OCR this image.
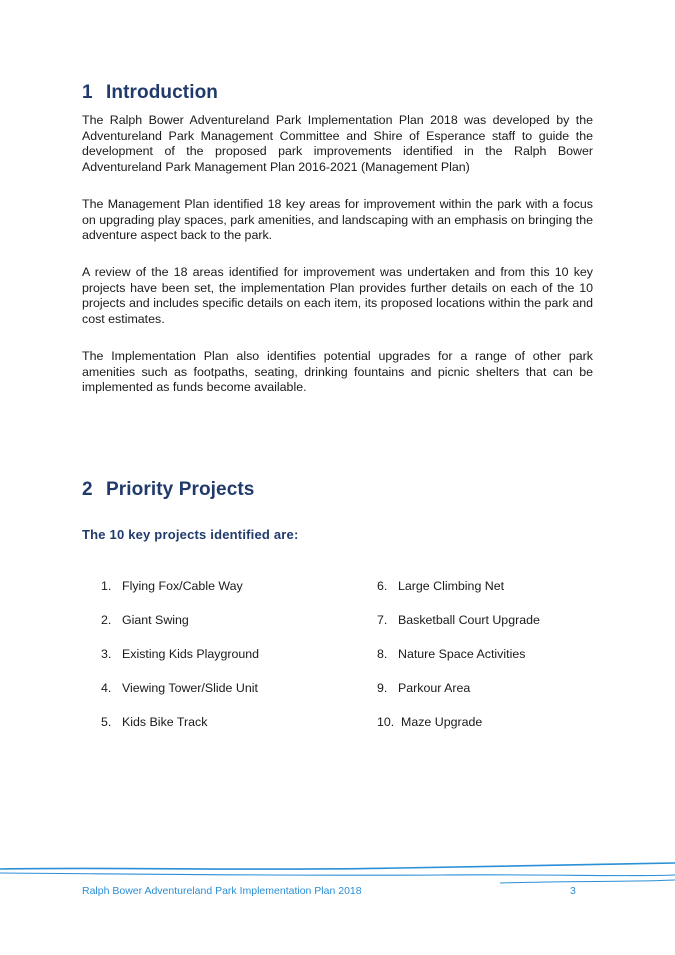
1 Introduction

The Ralph Bower Adventureland Park Implementation Plan 2018 was developed by the Adventureland Park Management Committee and Shire of Esperance staff to guide the development of the proposed park improvements identified in the Ralph Bower Adventureland Park Management Plan 2016-2021 (Management Plan)

The Management Plan identified 18 key areas for improvement within the park with a focus on upgrading play spaces, park amenities, and landscaping with an emphasis on bringing the adventure aspect back to the park.

A review of the 18 areas identified for improvement was undertaken and from this 10 key projects have been set, the implementation Plan provides further details on each of the 10 projects and includes specific details on each item, its proposed locations within the park and cost estimates.

The Implementation Plan also identifies potential upgrades for a range of other park amenities such as footpaths, seating, drinking fountains and picnic shelters that can be implemented as funds become available.

2 Priority Projects
The 10 key projects identified are:
1. Flying Fox/Cable Way
2. Giant Swing
3. Existing Kids Playground
4. Viewing Tower/Slide Unit
5. Kids Bike Track
6. Large Climbing Net
7. Basketball Court Upgrade
8. Nature Space Activities
9. Parkour Area
10. Maze Upgrade
Ralph Bower Adventureland Park Implementation Plan 2018	3
